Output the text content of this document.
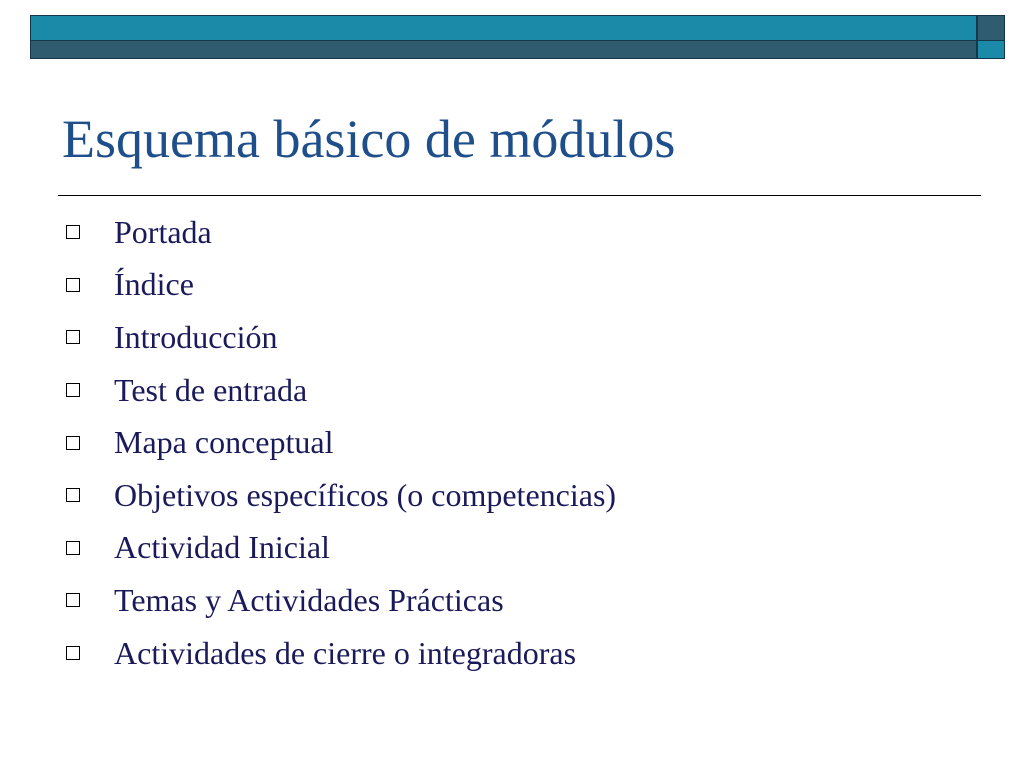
Esquema básico de módulos
Portada
Índice
Introducción
Test de entrada
Mapa conceptual
Objetivos específicos (o competencias)
Actividad Inicial
Temas y Actividades Prácticas
Actividades de cierre o integradoras
